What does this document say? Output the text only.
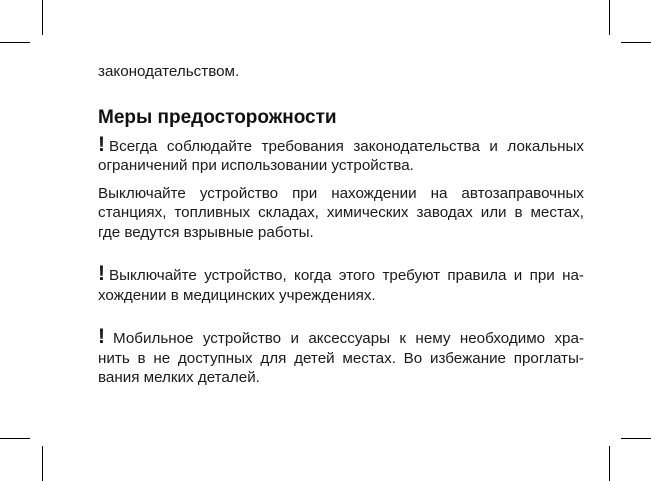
законодательством.

Меры предосторожности

! Всегда соблюдайте требования законодательства и локальных

ограничений при использовании устройства.

Выключайте устройство при нахождении на автозаправочных

станциях, топливных складах, химических заводах или в местах,

где ведутся взрывные работы.

! Выключайте устройство, когда этого требуют правила и при на-

хождении в медицинских учреждениях.

! Мобильное устройство и аксессуары к нему необходимо хра-

нить в не доступных для детей местах. Во избежание проглаты-

вания мелких деталей.
